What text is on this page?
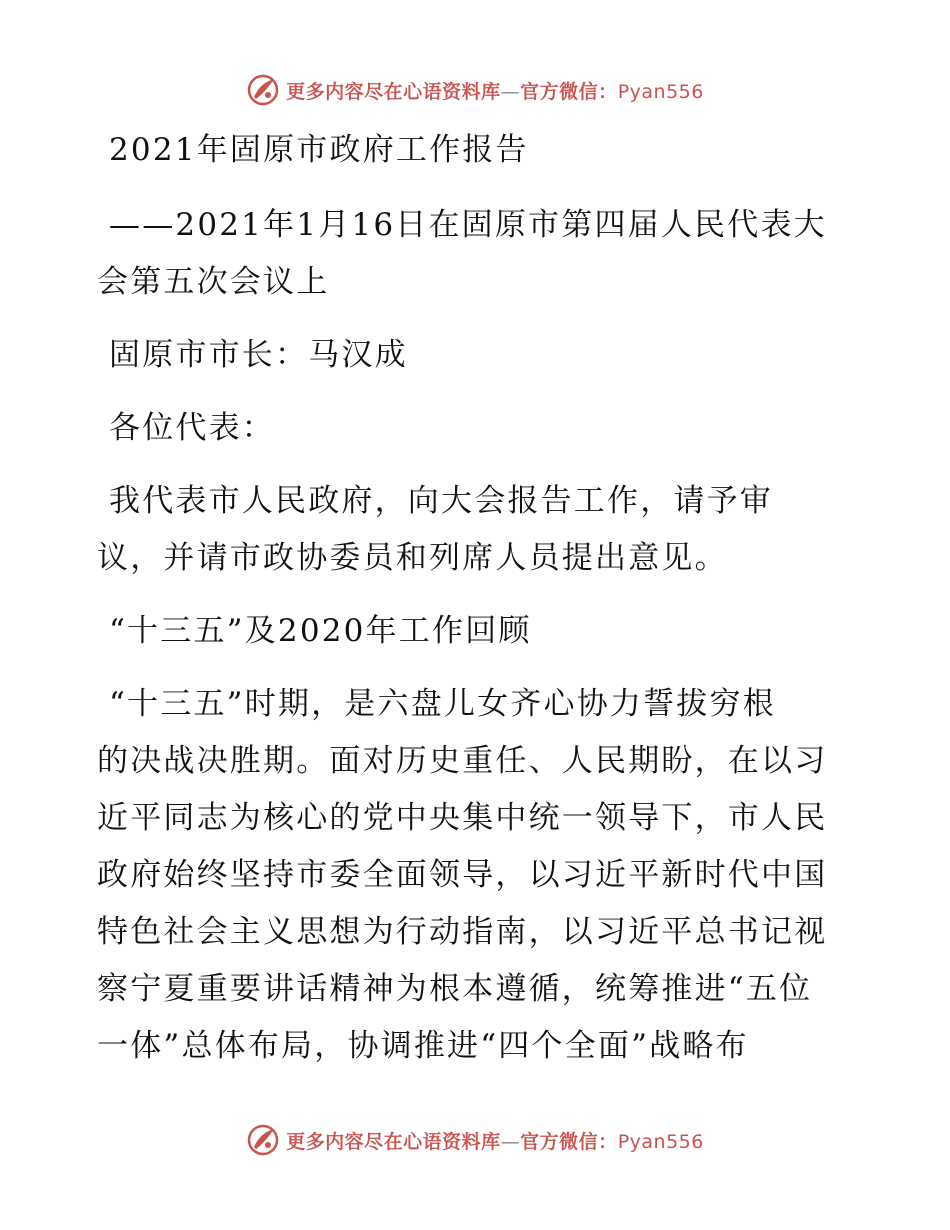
更多内容尽在心语资料库—官方微信：Pyan556
2021年固原市政府工作报告
——2021年1月16日在固原市第四届人民代表大
会第五次会议上
固原市市长：马汉成
各位代表：
我代表市人民政府，向大会报告工作，请予审
议，并请市政协委员和列席人员提出意见。
“十三五”及2020年工作回顾
“十三五”时期，是六盘儿女齐心协力誓拔穷根
的决战决胜期。面对历史重任、人民期盼，在以习
近平同志为核心的党中央集中统一领导下，市人民
政府始终坚持市委全面领导，以习近平新时代中国
特色社会主义思想为行动指南，以习近平总书记视
察宁夏重要讲话精神为根本遵循，统筹推进“五位
一体”总体布局，协调推进“四个全面”战略布
更多内容尽在心语资料库—官方微信：Pyan556
